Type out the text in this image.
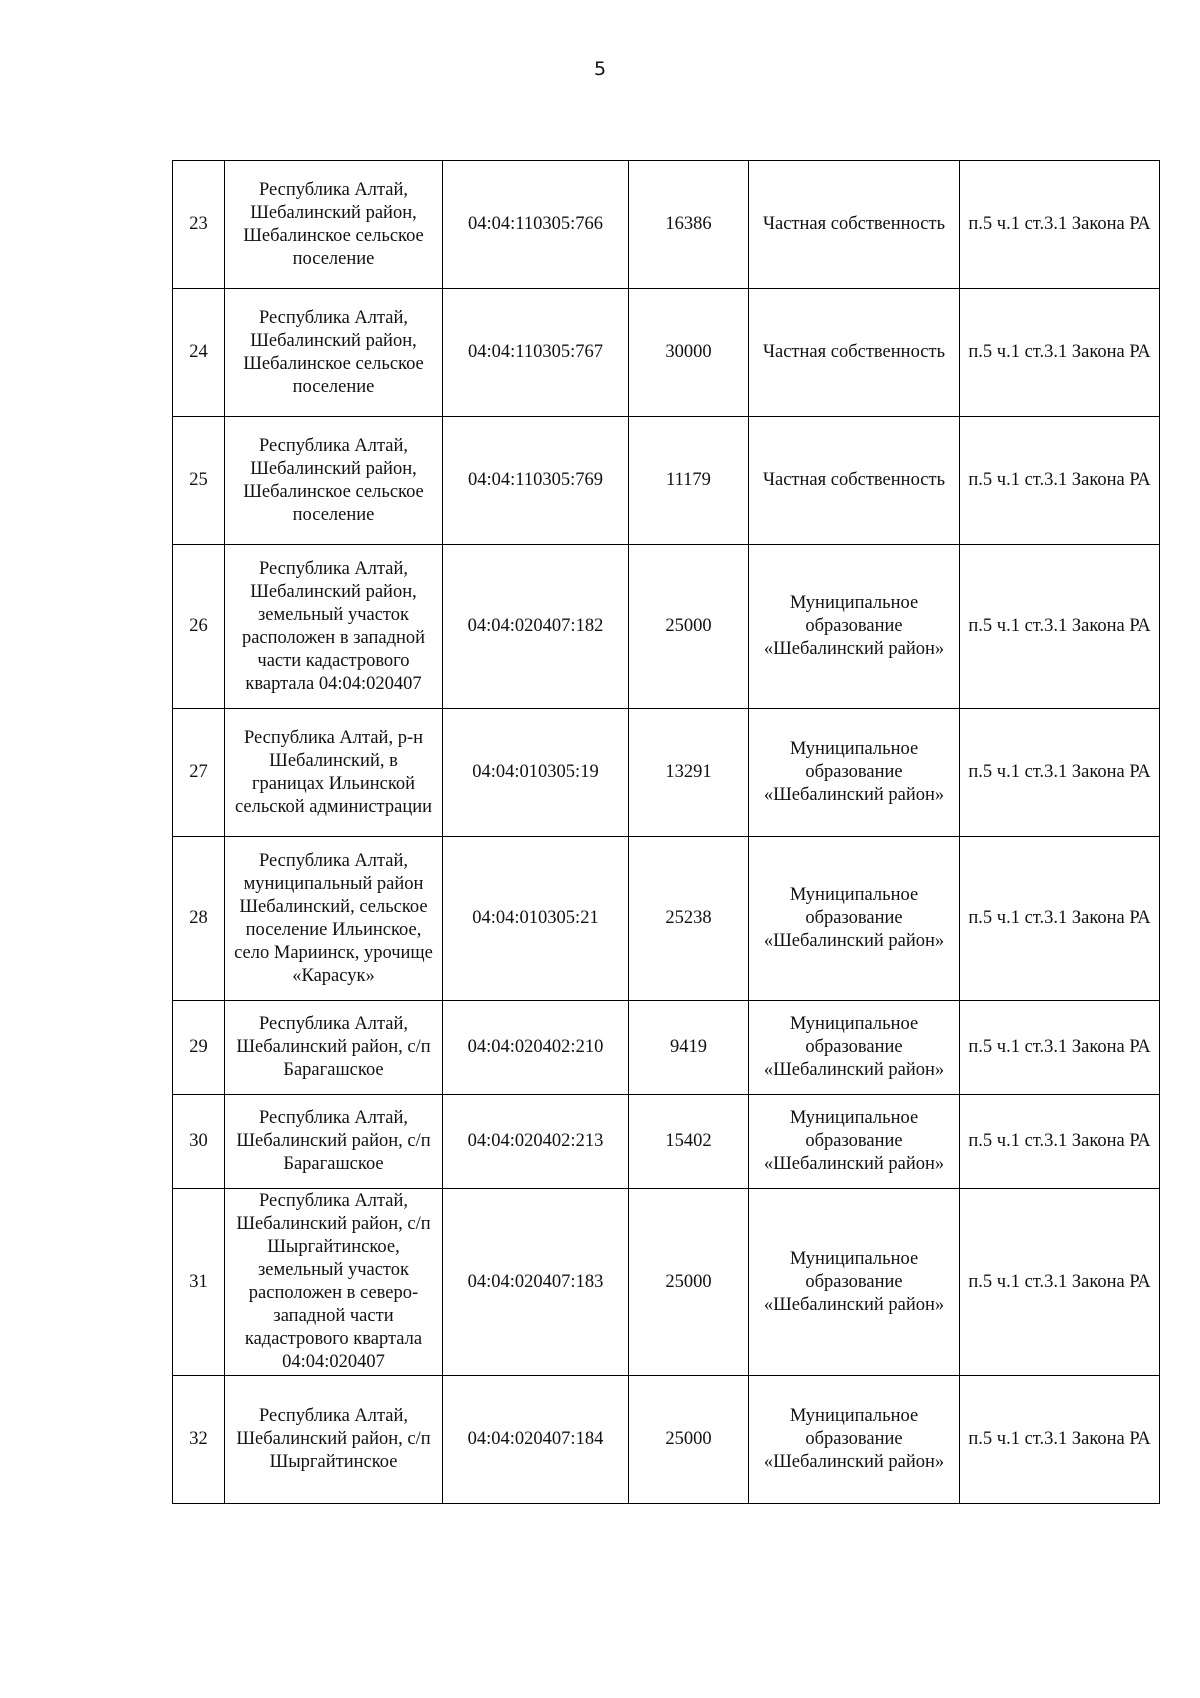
5
23	Республика Алтай, Шебалинский район, Шебалинское сельское поселение	04:04:110305:766	16386	Частная собственность	п.5 ч.1 ст.3.1 Закона РА
24	Республика Алтай, Шебалинский район, Шебалинское сельское поселение	04:04:110305:767	30000	Частная собственность	п.5 ч.1 ст.3.1 Закона РА
25	Республика Алтай, Шебалинский район, Шебалинское сельское поселение	04:04:110305:769	11179	Частная собственность	п.5 ч.1 ст.3.1 Закона РА
26	Республика Алтай, Шебалинский район, земельный участок расположен в западной части кадастрового квартала 04:04:020407	04:04:020407:182	25000	Муниципальное образование «Шебалинский район»	п.5 ч.1 ст.3.1 Закона РА
27	Республика Алтай, р-н Шебалинский, в границах Ильинской сельской администрации	04:04:010305:19	13291	Муниципальное образование «Шебалинский район»	п.5 ч.1 ст.3.1 Закона РА
28	Республика Алтай, муниципальный район Шебалинский, сельское поселение Ильинское, село Мариинск, урочище «Карасук»	04:04:010305:21	25238	Муниципальное образование «Шебалинский район»	п.5 ч.1 ст.3.1 Закона РА
29	Республика Алтай, Шебалинский район, с/п Барагашское	04:04:020402:210	9419	Муниципальное образование «Шебалинский район»	п.5 ч.1 ст.3.1 Закона РА
30	Республика Алтай, Шебалинский район, с/п Барагашское	04:04:020402:213	15402	Муниципальное образование «Шебалинский район»	п.5 ч.1 ст.3.1 Закона РА
31	Республика Алтай, Шебалинский район, с/п Шыргайтинское, земельный участок расположен в северо-западной части кадастрового квартала 04:04:020407	04:04:020407:183	25000	Муниципальное образование «Шебалинский район»	п.5 ч.1 ст.3.1 Закона РА
32	Республика Алтай, Шебалинский район, с/п Шыргайтинское	04:04:020407:184	25000	Муниципальное образование «Шебалинский район»	п.5 ч.1 ст.3.1 Закона РА
